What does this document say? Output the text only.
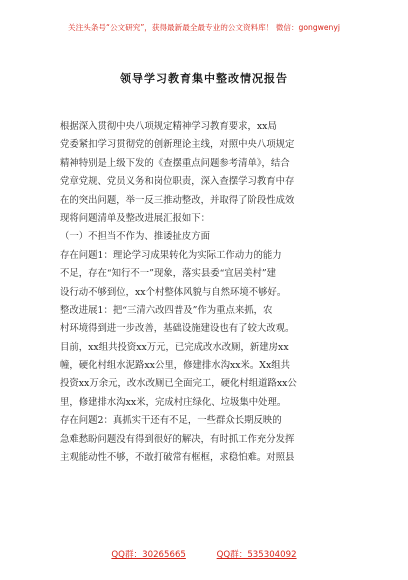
关注头条号“公文研究”，获得最新最全最专业的公文资料库！ 微信：gongwenyj
领导学习教育集中整改情况报告
根据深入贯彻中央八项规定精神学习教育要求，xx局
党委紧扣学习贯彻党的创新理论主线，对照中央八项规定
精神特别是上级下发的《查摆重点问题参考清单》，结合
党章党规、党员义务和岗位职责，深入查摆学习教育中存
在的突出问题，举一反三推动整改，并取得了阶段性成效
现将问题清单及整改进展汇报如下：
（一）不担当不作为、推诿扯皮方面
存在问题1：理论学习成果转化为实际工作动力的能力
不足，存在“知行不一”现象，落实县委“宜居美村”建
设行动不够到位，xx个村整体风貌与自然环境不够好。
整改进展1：把“三清六改四普及”作为重点来抓，农
村环境得到进一步改善，基础设施建设也有了较大改观。
目前，xx组共投资xx万元，已完成改水改厕，新建房xx
幢，硬化村组水泥路xx公里，修建排水沟xx米。Xx组共
投资xx万余元，改水改厕已全面完工，硬化村组道路xx公
里，修建排水沟xx米，完成村庄绿化、垃圾集中处理。
存在问题2：真抓实干还有不足，一些群众长期反映的
急难愁盼问题没有得到很好的解决，有时抓工作充分发挥
主观能动性不够，不敢打破常有框框，求稳怕难。对照县
QQ群：30265665	QQ群：535304092
